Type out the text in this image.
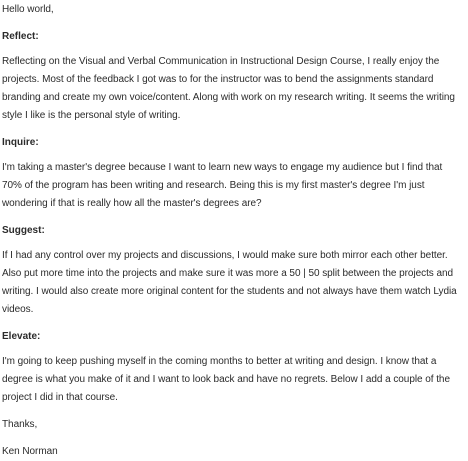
Hello world,

Reflect:

Reflecting on the Visual and Verbal Communication in Instructional Design Course, I really enjoy the projects. Most of the feedback I got was to for the instructor was to bend the assignments standard branding and create my own voice/content. Along with work on my research writing. It seems the writing style I like is the personal style of writing.

Inquire:

I'm taking a master's degree because I want to learn new ways to engage my audience but I find that 70% of the program has been writing and research. Being this is my first master's degree I'm just wondering if that is really how all the master's degrees are?

Suggest:

If I had any control over my projects and discussions, I would make sure both mirror each other better. Also put more time into the projects and make sure it was more a 50 | 50 split between the projects and writing. I would also create more original content for the students and not always have them watch Lydia videos.

Elevate:

I'm going to keep pushing myself in the coming months to better at writing and design. I know that a degree is what you make of it and I want to look back and have no regrets. Below I add a couple of the project I did in that course.

Thanks,

Ken Norman
